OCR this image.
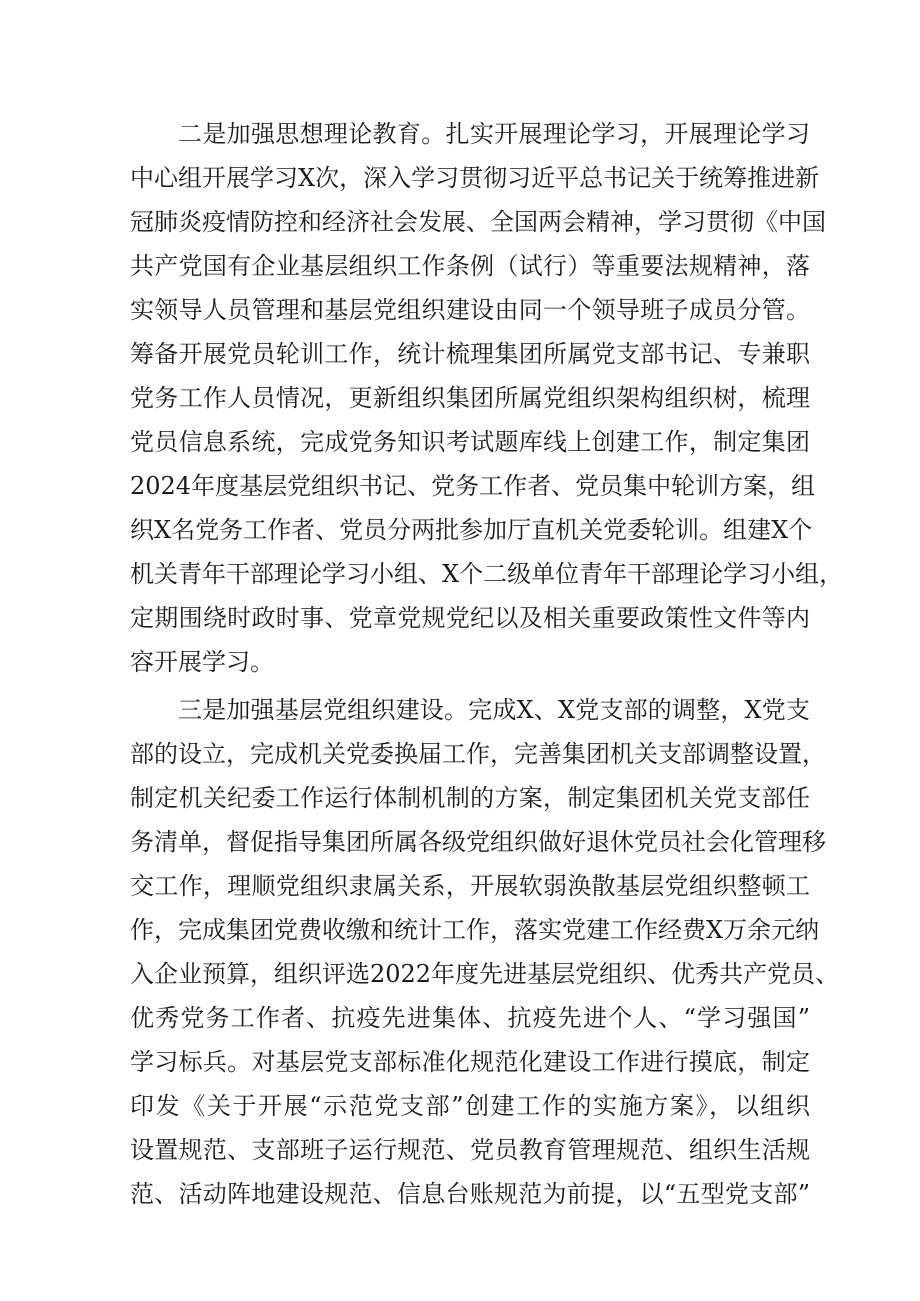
二是加强思想理论教育。扎实开展理论学习，开展理论学习
中心组开展学习X次，深入学习贯彻习近平总书记关于统筹推进新
冠肺炎疫情防控和经济社会发展、全国两会精神，学习贯彻《中国
共产党国有企业基层组织工作条例（试行）等重要法规精神，落
实领导人员管理和基层党组织建设由同一个领导班子成员分管。
筹备开展党员轮训工作，统计梳理集团所属党支部书记、专兼职
党务工作人员情况，更新组织集团所属党组织架构组织树，梳理
党员信息系统，完成党务知识考试题库线上创建工作，制定集团
2024年度基层党组织书记、党务工作者、党员集中轮训方案，组
织X名党务工作者、党员分两批参加厅直机关党委轮训。组建X个
机关青年干部理论学习小组、X个二级单位青年干部理论学习小组，
定期围绕时政时事、党章党规党纪以及相关重要政策性文件等内
容开展学习。
三是加强基层党组织建设。完成X、X党支部的调整，X党支
部的设立，完成机关党委换届工作，完善集团机关支部调整设置，
制定机关纪委工作运行体制机制的方案，制定集团机关党支部任
务清单，督促指导集团所属各级党组织做好退休党员社会化管理移
交工作，理顺党组织隶属关系，开展软弱涣散基层党组织整顿工
作，完成集团党费收缴和统计工作，落实党建工作经费X万余元纳
入企业预算，组织评选2022年度先进基层党组织、优秀共产党员、
优秀党务工作者、抗疫先进集体、抗疫先进个人、“学习强国”
学习标兵。对基层党支部标准化规范化建设工作进行摸底，制定
印发《关于开展“示范党支部”创建工作的实施方案》，以组织
设置规范、支部班子运行规范、党员教育管理规范、组织生活规
范、活动阵地建设规范、信息台账规范为前提，以“五型党支部”
